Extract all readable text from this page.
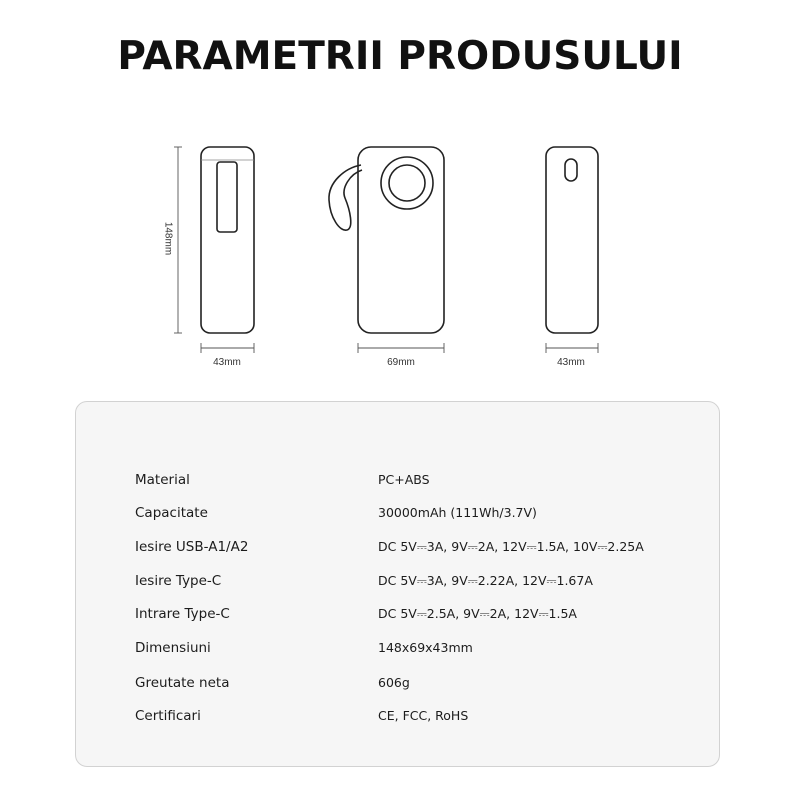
PARAMETRII PRODUSULUI
148mm
43mm	69mm	43mm
Material	PC+ABS
Capacitate	30000mAh (111Wh/3.7V)
Iesire USB-A1/A2	DC 5V⎓3A, 9V⎓2A, 12V⎓1.5A, 10V⎓2.25A
Iesire Type-C	DC 5V⎓3A, 9V⎓2.22A, 12V⎓1.67A
Intrare Type-C	DC 5V⎓2.5A, 9V⎓2A, 12V⎓1.5A
Dimensiuni	148x69x43mm
Greutate neta	606g
Certificari	CE, FCC, RoHS
